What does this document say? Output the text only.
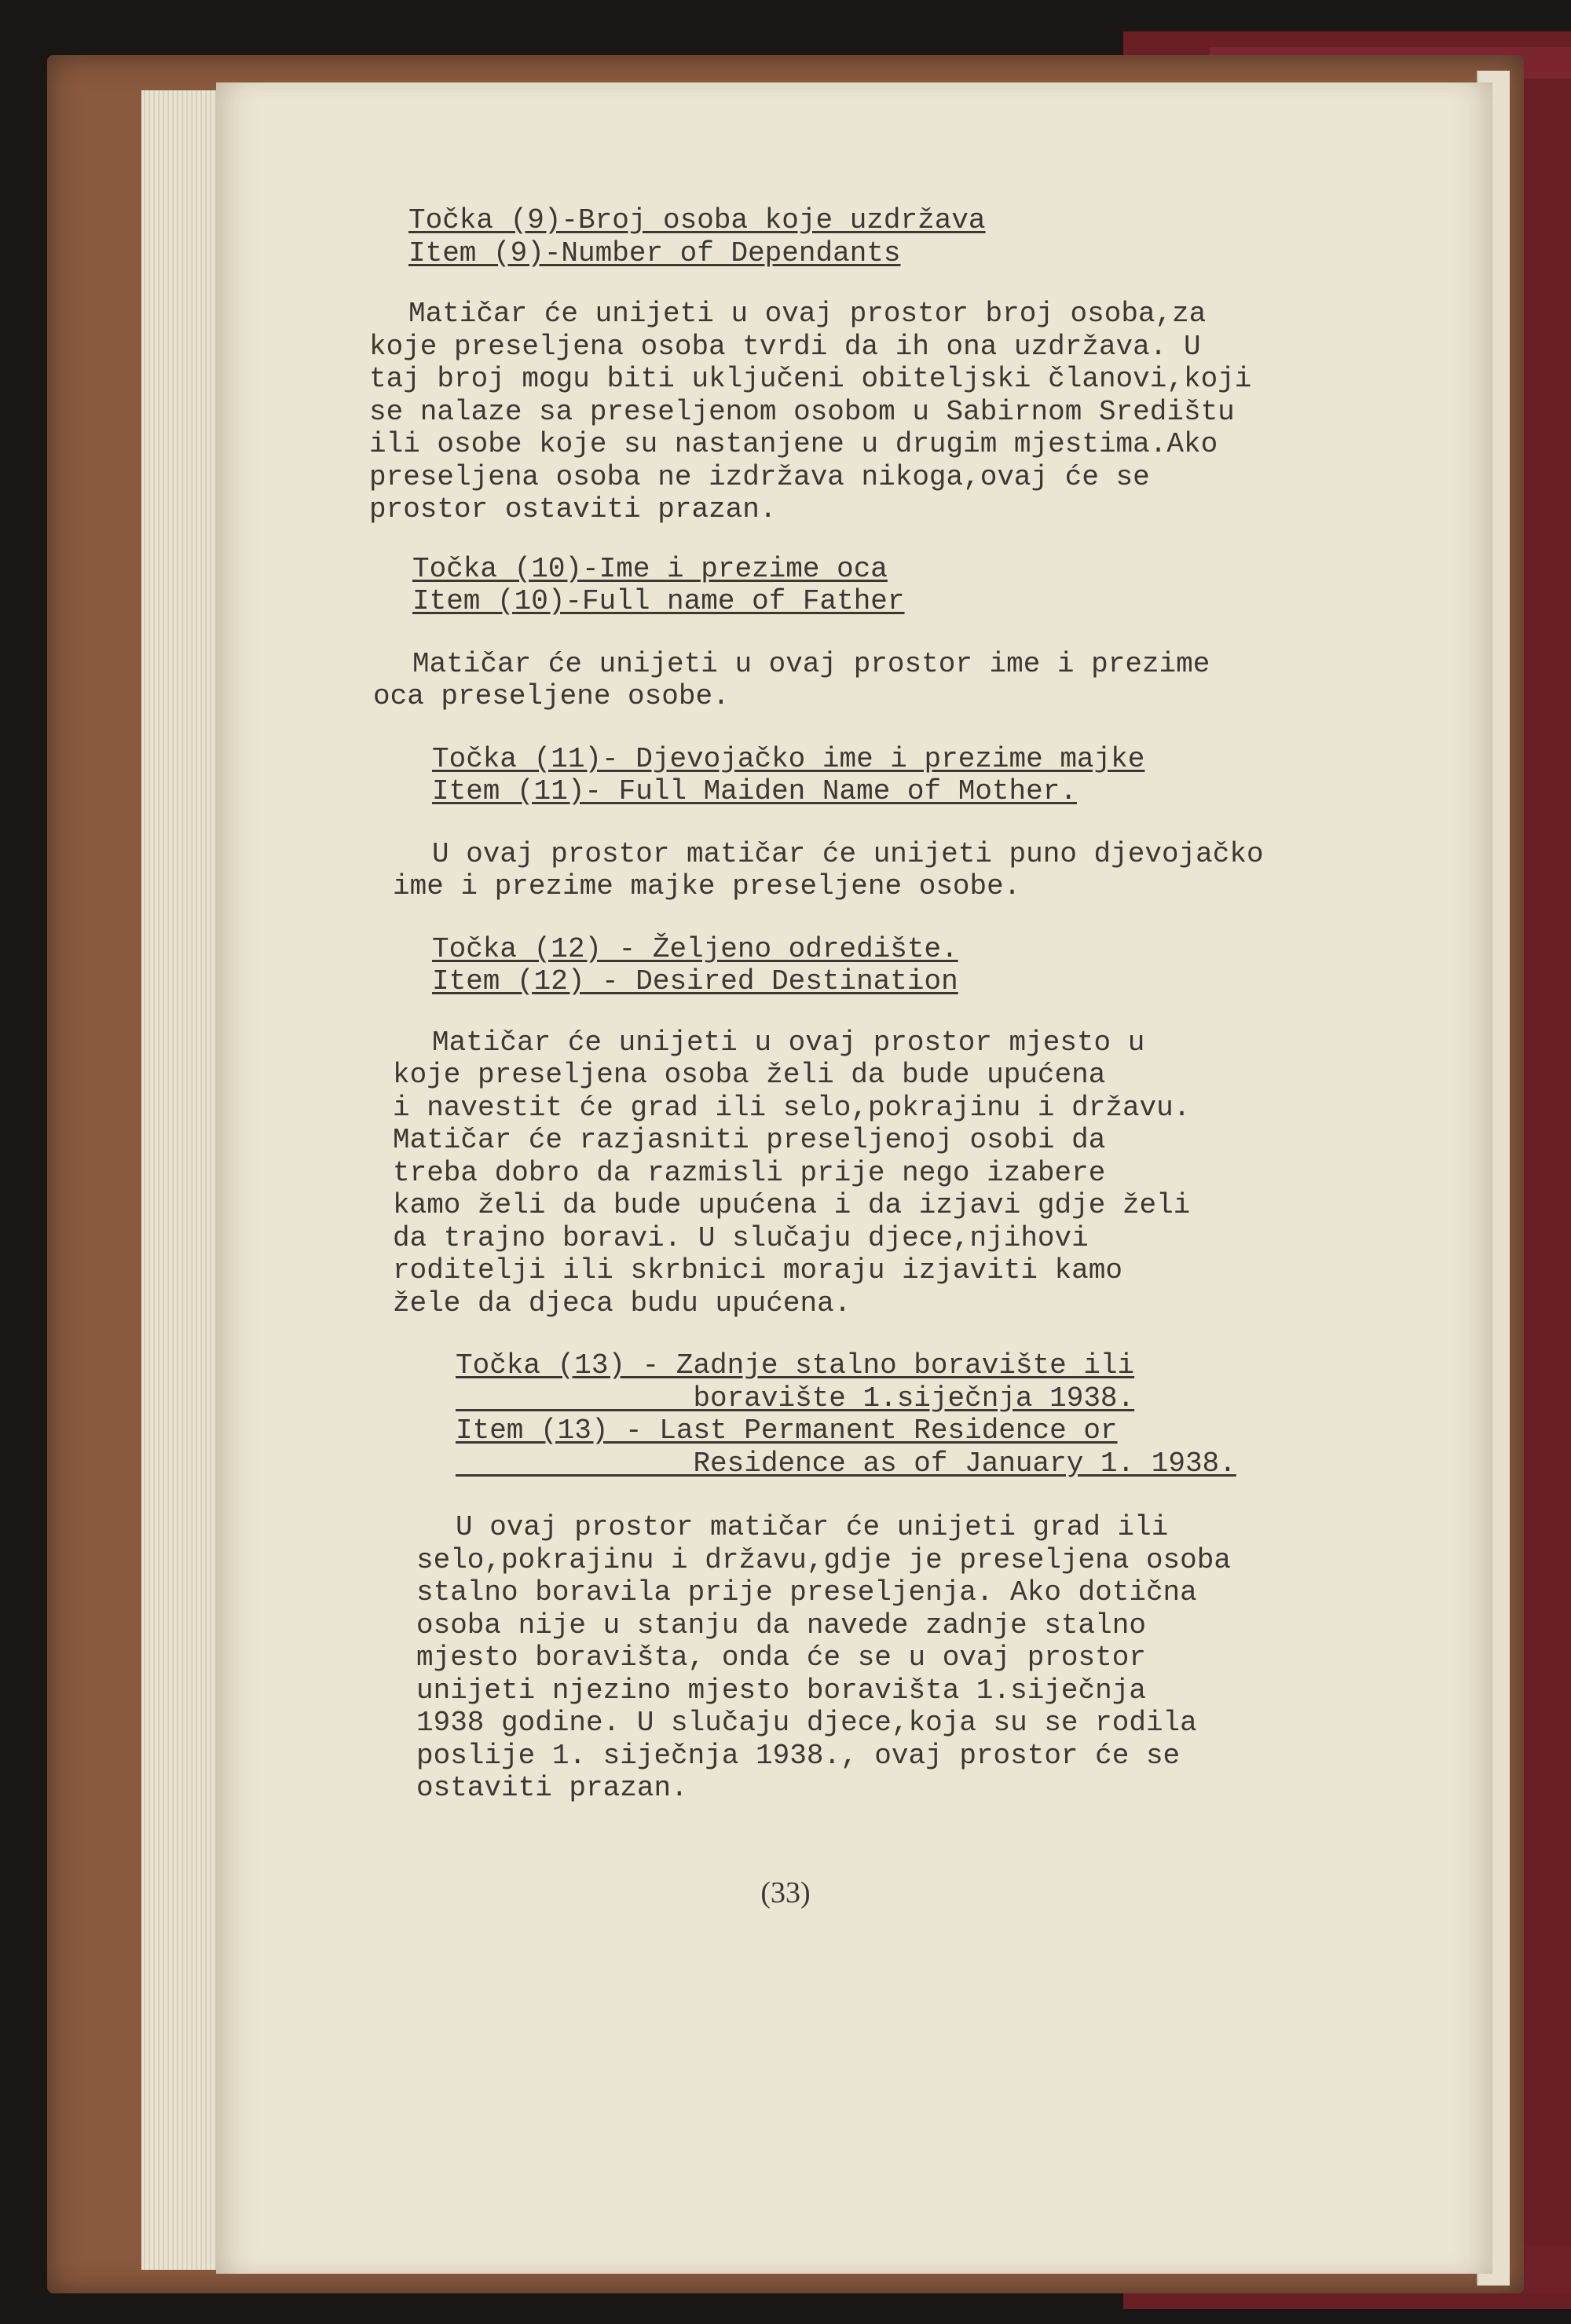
Točka (9)-Broj osoba koje uzdržava
Item (9)-Number of Dependants

Matičar će unijeti u ovaj prostor broj osoba,za
koje preseljena osoba tvrdi da ih ona uzdržava. U
taj broj mogu biti uključeni obiteljski članovi,koji
se nalaze sa preseljenom osobom u Sabirnom Središtu
ili osobe koje su nastanjene u drugim mjestima.Ako
preseljena osoba ne izdržava nikoga,ovaj će se
prostor ostaviti prazan.

Točka (10)-Ime i prezime oca
Item (10)-Full name of Father

Matičar će unijeti u ovaj prostor ime i prezime
oca preseljene osobe.

Točka (11)- Djevojačko ime i prezime majke
Item (11)- Full Maiden Name of Mother.

U ovaj prostor matičar će unijeti puno djevojačko
ime i prezime majke preseljene osobe.

Točka (12) - Željeno odredište.
Item (12) - Desired Destination

Matičar će unijeti u ovaj prostor mjesto u
koje preseljena osoba želi da bude upućena
i navestit će grad ili selo,pokrajinu i državu.
Matičar će razjasniti preseljenoj osobi da
treba dobro da razmisli prije nego izabere
kamo želi da bude upućena i da izjavi gdje želi
da trajno boravi. U slučaju djece,njihovi
roditelji ili skrbnici moraju izjaviti kamo
žele da djeca budu upućena.

Točka (13) - Zadnje stalno boravište ili
boravište 1.siječnja 1938.
Item (13) - Last Permanent Residence or
Residence as of January 1. 1938.

U ovaj prostor matičar će unijeti grad ili
selo,pokrajinu i državu,gdje je preseljena osoba
stalno boravila prije preseljenja. Ako dotična
osoba nije u stanju da navede zadnje stalno
mjesto boravišta, onda će se u ovaj prostor
unijeti njezino mjesto boravišta 1.siječnja
1938 godine. U slučaju djece,koja su se rodila
poslije 1. siječnja 1938., ovaj prostor će se
ostaviti prazan.

(33)
